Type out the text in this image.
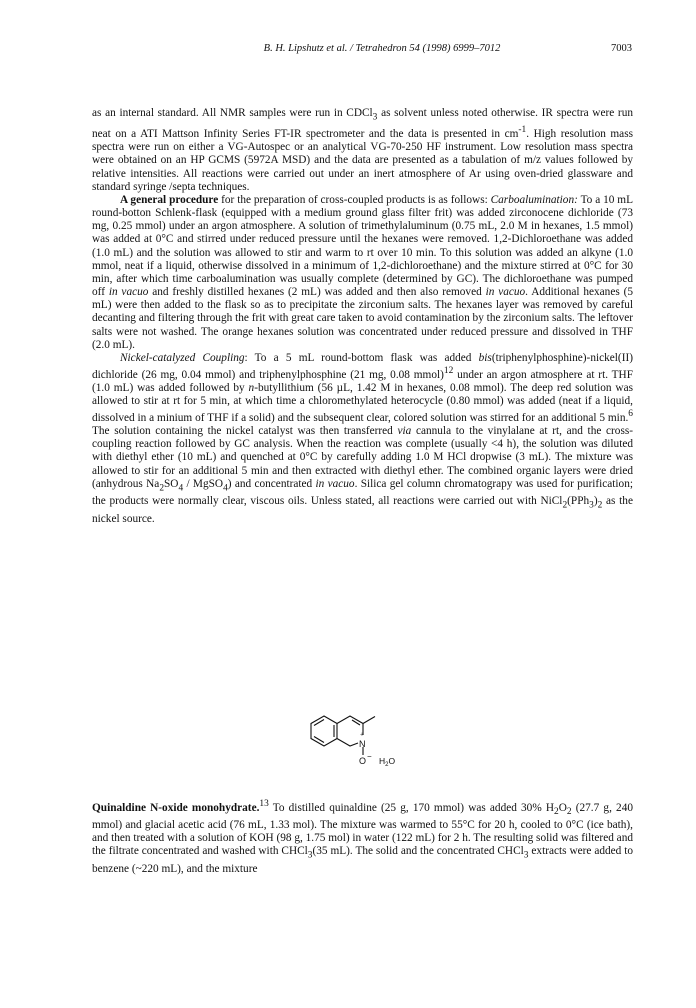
B. H. Lipshutz et al. / Tetrahedron 54 (1998) 6999–7012	7003

as an internal standard. All NMR samples were run in CDCl$_3$ as solvent unless noted otherwise. IR spectra were run neat on a ATI Mattson Infinity Series FT-IR spectrometer and the data is presented in $cm^{-1}$. High resolution mass spectra were run on either a VG-Autospec or an analytical VG-70-250 HF instrument. Low resolution mass spectra were obtained on an HP GCMS (5972A MSD) and the data are presented as a tabulation of m/z values followed by relative intensities. All reactions were carried out under an inert atmosphere of Ar using oven-dried glassware and standard syringe /septa techniques.

A general procedure for the preparation of cross-coupled products is as follows: Carboalumination: To a 10 mL round-botton Schlenk-flask (equipped with a medium ground glass filter frit) was added zirconocene dichloride (73 mg, 0.25 mmol) under an argon atmosphere. A solution of trimethylaluminum (0.75 mL, 2.0 M in hexanes, 1.5 mmol) was added at 0°C and stirred under reduced pressure until the hexanes were removed. 1,2-Dichloroethane was added (1.0 mL) and the solution was allowed to stir and warm to rt over 10 min. To this solution was added an alkyne (1.0 mmol, neat if a liquid, otherwise dissolved in a minimum of 1,2-dichloroethane) and the mixture stirred at 0°C for 30 min, after which time carboalumination was usually complete (determined by GC). The dichloroethane was pumped off in vacuo and freshly distilled hexanes (2 mL) was added and then also removed in vacuo. Additional hexanes (5 mL) were then added to the flask so as to precipitate the zirconium salts. The hexanes layer was removed by careful decanting and filtering through the frit with great care taken to avoid contamination by the zirconium salts. The leftover salts were not washed. The orange hexanes solution was concentrated under reduced pressure and dissolved in THF (2.0 mL).

Nickel-catalyzed Coupling: To a 5 mL round-bottom flask was added bis(triphenylphosphine)-nickel(II) dichloride (26 mg, 0.04 mmol) and triphenylphosphine (21 mg, 0.08 mmol)$^{12}$ under an argon atmosphere at rt. THF (1.0 mL) was added followed by n-butyllithium (56 µL, 1.42 M in hexanes, 0.08 mmol). The deep red solution was allowed to stir at rt for 5 min, at which time a chloromethylated heterocycle (0.80 mmol) was added (neat if a liquid, dissolved in a minium of THF if a solid) and the subsequent clear, colored solution was stirred for an additional 5 min.$^6$ The solution containing the nickel catalyst was then transferred via cannula to the vinylalane at rt, and the cross-coupling reaction followed by GC analysis. When the reaction was complete (usually <4 h), the solution was diluted with diethyl ether (10 mL) and quenched at 0°C by carefully adding 1.0 M HCl dropwise (3 mL). The mixture was allowed to stir for an additional 5 min and then extracted with diethyl ether. The combined organic layers were dried (anhydrous $Na_2SO_4$ / MgSO$_4$) and concentrated in vacuo. Silica gel column chromatograpy was used for purification; the products were normally clear, viscous oils. Unless stated, all reactions were carried out with $NiCl_2(PPh_3)_2$ as the nickel source.

+
N
$O - H_2O$

Quinaldine N-oxide monohydrate.$^{13}$ To distilled quinaldine (25 g, 170 mmol) was added 30% $H_2O_2$ (27.7 g, 240 mmol) and glacial acetic acid (76 mL, 1.33 mol). The mixture was warmed to 55°C for 20 h, cooled to 0°C (ice bath), and then treated with a solution of KOH (98 g, 1.75 mol) in water (122 mL) for 2 h. The resulting solid was filtered and the filtrate concentrated and washed with CHCl$_3$(35 mL). The solid and the concentrated CHCl$_3$ extracts were added to benzene (~220 mL), and the mixture
